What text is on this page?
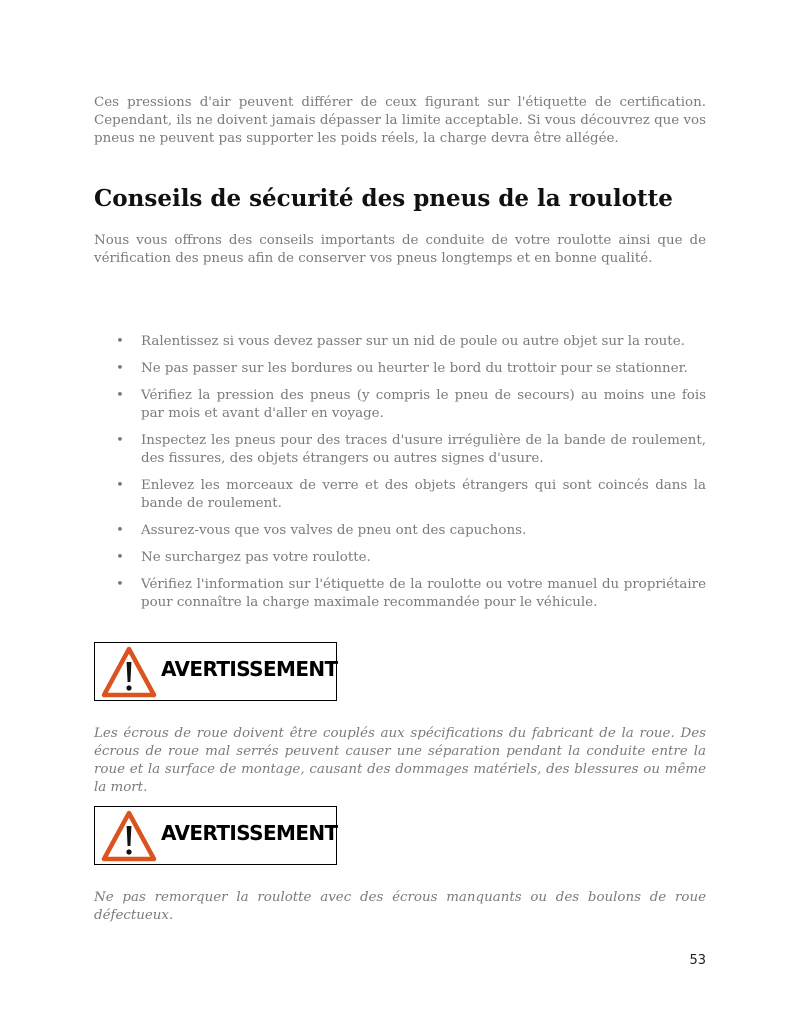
Ces pressions d'air peuvent différer de ceux figurant sur l'étiquette de certification. Cependant, ils ne doivent jamais dépasser la limite acceptable. Si vous découvrez que vos pneus ne peuvent pas supporter les poids réels, la charge devra être allégée.

Conseils de sécurité des pneus de la roulotte

Nous vous offrons des conseils importants de conduite de votre roulotte ainsi que de vérification des pneus afin de conserver vos pneus longtemps et en bonne qualité.

• Ralentissez si vous devez passer sur un nid de poule ou autre objet sur la route.
• Ne pas passer sur les bordures ou heurter le bord du trottoir pour se stationner.
• Vérifiez la pression des pneus (y compris le pneu de secours) au moins une fois par mois et avant d'aller en voyage.
• Inspectez les pneus pour des traces d'usure irrégulière de la bande de roulement, des fissures, des objets étrangers ou autres signes d'usure.
• Enlevez les morceaux de verre et des objets étrangers qui sont coincés dans la bande de roulement.
• Assurez-vous que vos valves de pneu ont des capuchons.
• Ne surchargez pas votre roulotte.
• Vérifiez l'information sur l'étiquette de la roulotte ou votre manuel du propriétaire pour connaître la charge maximale recommandée pour le véhicule.
AVERTISSEMENT

Les écrous de roue doivent être couplés aux spécifications du fabricant de la roue. Des écrous de roue mal serrés peuvent causer une séparation pendant la conduite entre la roue et la surface de montage, causant des dommages matériels, des blessures ou même la mort.

AVERTISSEMENT

Ne pas remorquer la roulotte avec des écrous manquants ou des boulons de roue défectueux.

53
